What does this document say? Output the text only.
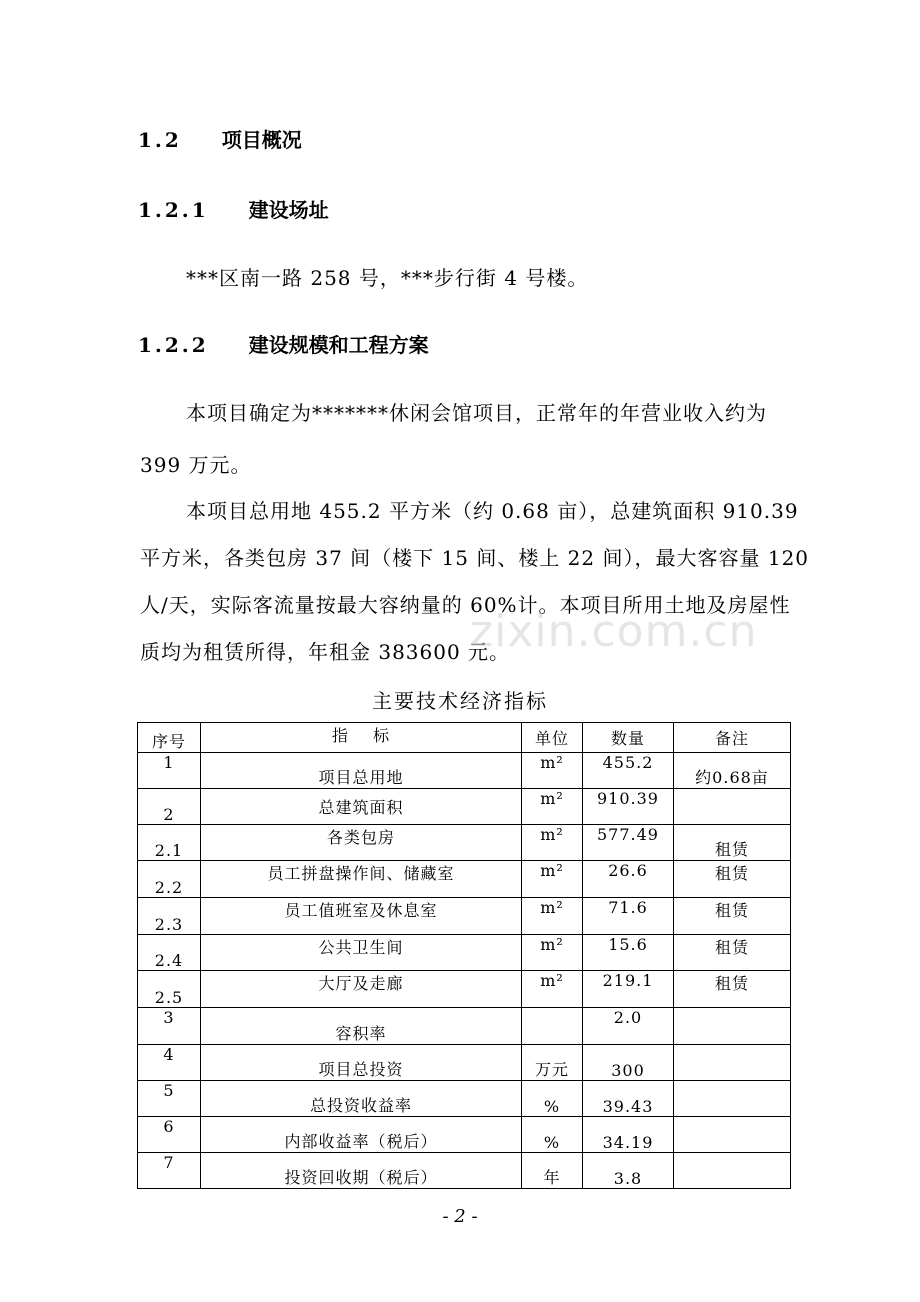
1.2 项目概况
1.2.1 建设场址
***区南一路 258 号，***步行街 4 号楼。
1.2.2 建设规模和工程方案
本项目确定为*******休闲会馆项目，正常年的年营业收入约为
399 万元。
本项目总用地 455.2 平方米（约 0.68 亩），总建筑面积 910.39
平方米，各类包房 37 间（楼下 15 间、楼上 22 间），最大客容量 120
人/天，实际客流量按最大容纳量的 60%计。本项目所用土地及房屋性
质均为租赁所得，年租金 383600 元。
zixin.com.cn
主要技术经济指标
序号	指    标	单位	数量	备注
1	项目总用地	m²	455.2	约0.68亩
2	总建筑面积	m²	910.39	
2.1	各类包房	m²	577.49	租赁
2.2	员工拼盘操作间、储藏室	m²	26.6	租赁
2.3	员工值班室及休息室	m²	71.6	租赁
2.4	公共卫生间	m²	15.6	租赁
2.5	大厅及走廊	m²	219.1	租赁
3	容积率		2.0	
4	项目总投资	万元	300	
5	总投资收益率	%	39.43	
6	内部收益率（税后）	%	34.19	
7	投资回收期（税后）	年	3.8	
- 2 -
